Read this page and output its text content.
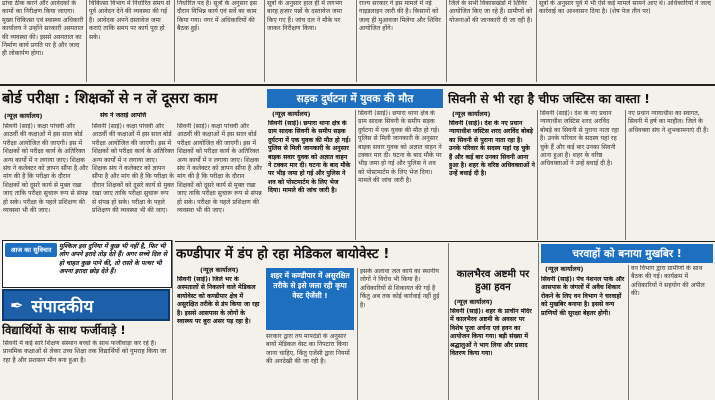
ढांचा ठीक करने और आवेदकों के कामों का निरीक्षण किया जाएगा। मुख्य चिकित्सा एवं स्वास्थ्य अधिकारी कार्यालय ने उन्होंने सरकारी अस्पताल की व्यवस्था की। इससे अस्पताल का निर्माण कार्य प्रगति पर है और जल्द ही लोकार्पण होगा।

चिकित्सा विभाग में निर्धारित समय से पूर्व आवेदन देने की व्यवस्था की गई है। आवेदक अपने दस्तावेज जमा कराएं ताकि समय पर कार्य पूरा हो सके।

निर्धारित पद है। सूत्रों के अनुसार इस दौरान विभिन्न कार्य एवं सर्वे का काम किया गया। नगर में अधिकारियों की बैठक हुई।

सूत्रों के अनुसार हाल ही में लगभग बारह हजार पन्नों के दस्तावेज जमा किए गए हैं। जांच दल ने मौके पर जाकर निरीक्षण किया।

राज्य सरकार ने इस मामले में नई गाइडलाइन जारी की है। किसानों को जल्द ही मुआवजा मिलेगा और शिविर आयोजित होंगे।

जिले के सभी विकासखंडों में शिविर आयोजित किए जा रहे हैं। ग्रामीणों को योजनाओं की जानकारी दी जा रही है।

सूत्रों के अनुसार पूर्व में भी ऐसे कई मामले सामने आए थे। अधिकारियों ने जल्द कार्रवाई का आश्वासन दिया है। (शेष पेज तीन पर)

बोर्ड परीक्षा : शिक्षकों से न लें दूसरा काम
(न्यूज़ कार्यालय)	संघ ने जताई आपत्ति

सिवनी (साई)। कक्षा पांचवीं और आठवीं की कक्षाओं में इस साल बोर्ड परीक्षा आयोजित की जाएगी। इस में शिक्षकों को परीक्षा कार्य के अतिरिक्त अन्य कार्यों में न लगाया जाए। शिक्षक संघ ने कलेक्टर को ज्ञापन सौंपा है और मांग की है कि परीक्षा के दौरान शिक्षकों को दूसरे कार्य से मुक्त रखा जाए ताकि परीक्षा सुचारू रूप से संपन्न हो सके। परीक्षा के पहले प्रशिक्षण की व्यवस्था भी की जाए।

सिवनी (साई)। कक्षा पांचवीं और आठवीं की कक्षाओं में इस साल बोर्ड परीक्षा आयोजित की जाएगी। इस में शिक्षकों को परीक्षा कार्य के अतिरिक्त अन्य कार्यों में न लगाया जाए। शिक्षक संघ ने कलेक्टर को ज्ञापन सौंपा है और मांग की है कि परीक्षा के दौरान शिक्षकों को दूसरे कार्य से मुक्त रखा जाए ताकि परीक्षा सुचारू रूप से संपन्न हो सके। परीक्षा के पहले प्रशिक्षण की व्यवस्था भी की जाए।

सिवनी (साई)। कक्षा पांचवीं और आठवीं की कक्षाओं में इस साल बोर्ड परीक्षा आयोजित की जाएगी। इस में शिक्षकों को परीक्षा कार्य के अतिरिक्त अन्य कार्यों में न लगाया जाए। शिक्षक संघ ने कलेक्टर को ज्ञापन सौंपा है और मांग की है कि परीक्षा के दौरान शिक्षकों को दूसरे कार्य से मुक्त रखा जाए ताकि परीक्षा सुचारू रूप से संपन्न हो सके। परीक्षा के पहले प्रशिक्षण की व्यवस्था भी की जाए।

आज का सुविचार	मुश्किल इस दुनिया में कुछ भी नहीं है, फिर भी लोग अपने इरादे तोड़ देते हैं। अगर सच्चे दिल से हो चाहत कुछ पाने की, तो रास्ते के पत्थर भी अपना इरादा छोड़ देते हैं।
✒ संपादकीय
विद्यार्थियों के साथ फर्जीवाड़े !

सिवनी में कई सारे शिक्षण संस्थान बच्चों के साथ फर्जीवाड़ा कर रहे हैं। प्राथमिक कक्षाओं से लेकर उच्च शिक्षा तक विद्यार्थियों को गुमराह किया जा रहा है और प्रशासन मौन बना हुआ है।

सड़क दुर्घटना में युवक की मौत
(न्यूज़ कार्यालय)

सिवनी (साई)। छपारा थाना क्षेत्र के ग्राम सादक सिवनी के समीप सड़क दुर्घटना में एक युवक की मौत हो गई। पुलिस से मिली जानकारी के अनुसार बाइक सवार युवक को अज्ञात वाहन ने टक्कर मार दी। घटना के बाद मौके पर भीड़ जमा हो गई और पुलिस ने शव को पोस्टमार्टम के लिए भेज दिया। मामले की जांच जारी है।

सिवनी (साई)। छपारा थाना क्षेत्र के ग्राम सादक सिवनी के समीप सड़क दुर्घटना में एक युवक की मौत हो गई। पुलिस से मिली जानकारी के अनुसार बाइक सवार युवक को अज्ञात वाहन ने टक्कर मार दी। घटना के बाद मौके पर भीड़ जमा हो गई और पुलिस ने शव को पोस्टमार्टम के लिए भेज दिया। मामले की जांच जारी है।

सिवनी से भी रहा है चीफ जस्टिस का वास्ता !
(न्यूज़ कार्यालय)

सिवनी (साई)। देश के नए प्रधान न्यायाधीश जस्टिस शरद अरविंद बोबड़े का सिवनी से पुराना नाता रहा है। उनके परिवार के सदस्य यहां रह चुके हैं और कई बार उनका सिवनी आना हुआ है। शहर के वरिष्ठ अधिवक्ताओं ने उन्हें बधाई दी है।

सिवनी (साई)। देश के नए प्रधान न्यायाधीश जस्टिस शरद अरविंद बोबड़े का सिवनी से पुराना नाता रहा है। उनके परिवार के सदस्य यहां रह चुके हैं और कई बार उनका सिवनी आना हुआ है। शहर के वरिष्ठ अधिवक्ताओं ने उन्हें बधाई दी है।

नए प्रधान न्यायाधीश का स्वागत, सिवनी में हर्ष का माहौल। जिले के अधिवक्ता संघ ने शुभकामनाएं दी हैं।

कण्डीपार में डंप हो रहा मेडिकल बायोवेस्ट !
(न्यूज़ कार्यालय)

सिवनी (साई)। जिले भर के अस्पतालों से निकलने वाले मेडिकल बायोवेस्ट को कण्डीपार क्षेत्र में असुरक्षित तरीके से डंप किया जा रहा है। इससे आसपास के लोगों के स्वास्थ्य पर बुरा असर पड़ रहा है।

शहर में कण्डीपार में असुरक्षित तरीके से इसे जला रही कृपा वेस्ट ऐजेंसी !

सरकार द्वारा तय मापदंडों के अनुसार बायो मेडिकल वेस्ट का निपटारा किया जाना चाहिए, किंतु एजेंसी द्वारा नियमों की अनदेखी की जा रही है।

इसके अलावा जल कार्य का स्थानीय लोगों ने विरोध भी किया है। अधिकारियों से शिकायत की गई है किंतु अब तक कोई कार्रवाई नहीं हुई है।

कालभैरव अष्टमी पर हुआ हवन
(न्यूज़ कार्यालय)

सिवनी (साई)। शहर के प्राचीन मंदिर में कालभैरव अष्टमी के अवसर पर विशेष पूजा अर्चना एवं हवन का आयोजन किया गया। बड़ी संख्या में श्रद्धालुओं ने भाग लिया और प्रसाद वितरण किया गया।

चरवाहों को बनाया मुखबिर !
(न्यूज़ कार्यालय)

सिवनी (साई)। पेंच नेशनल पार्क और आसपास के जंगलों में अवैध शिकार रोकने के लिए वन विभाग ने चरवाहों को मुखबिर बनाया है। इससे वन्य प्राणियों की सुरक्षा बेहतर होगी।

वन विभाग द्वारा ग्रामीणों के साथ बैठक की गई। कार्यक्रम में अधिकारियों ने सहयोग की अपील की।
